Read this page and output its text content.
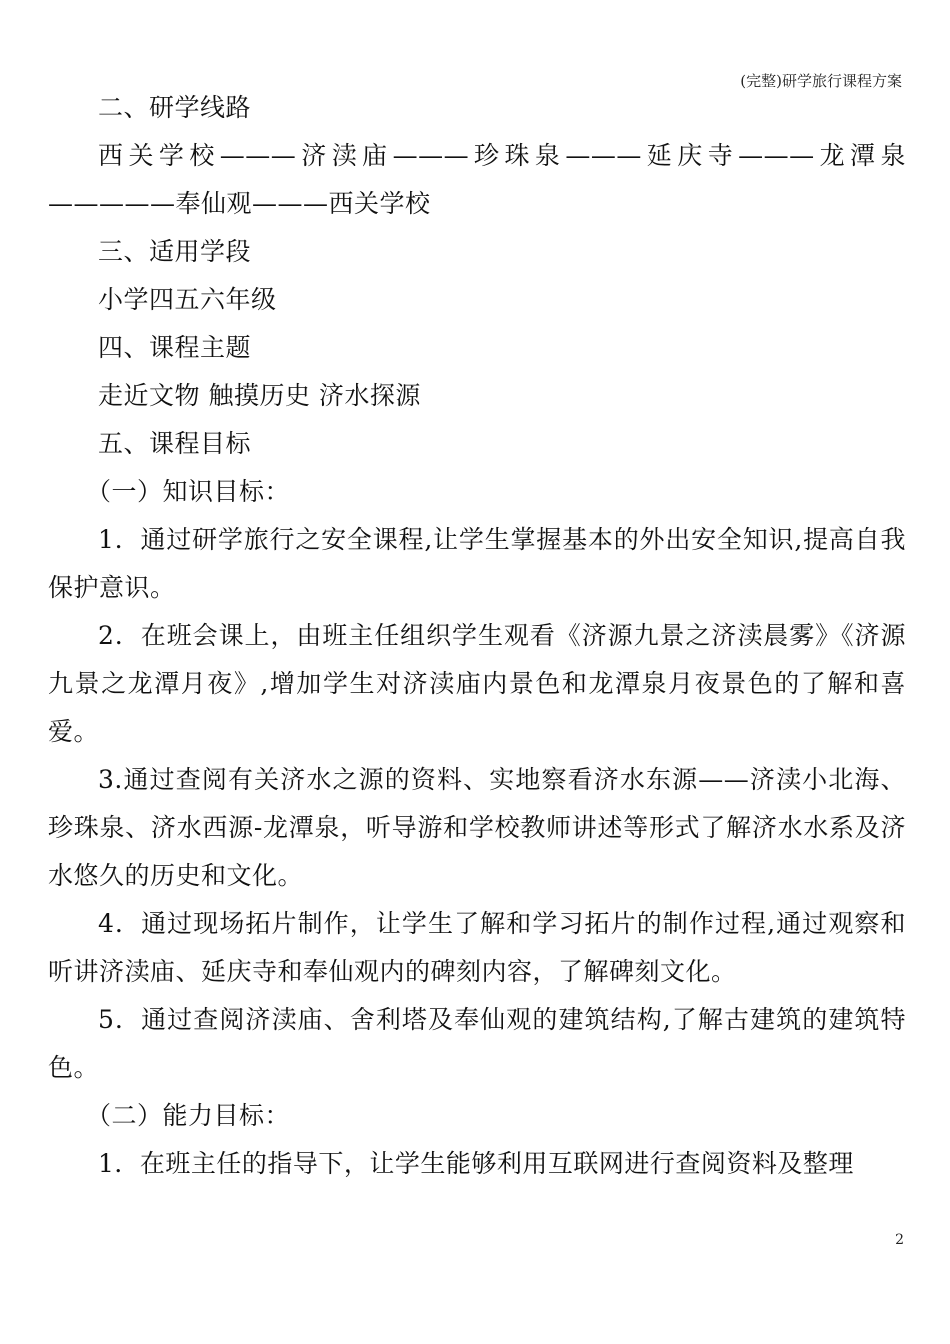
(完整)研学旅行课程方案

二、研学线路

西关学校———济渎庙———珍珠泉———延庆寺———龙潭泉—————奉仙观———西关学校

三、适用学段

小学四五六年级

四、课程主题

走近文物 触摸历史 济水探源

五、课程目标

（一）知识目标：

1．通过研学旅行之安全课程,让学生掌握基本的外出安全知识,提高自我保护意识。

2．在班会课上，由班主任组织学生观看《济源九景之济渎晨雾》《济源九景之龙潭月夜》,增加学生对济渎庙内景色和龙潭泉月夜景色的了解和喜爱。

3.通过查阅有关济水之源的资料、实地察看济水东源——济渎小北海、珍珠泉、济水西源-龙潭泉，听导游和学校教师讲述等形式了解济水水系及济水悠久的历史和文化。

4．通过现场拓片制作，让学生了解和学习拓片的制作过程,通过观察和听讲济渎庙、延庆寺和奉仙观内的碑刻内容，了解碑刻文化。

5．通过查阅济渎庙、舍利塔及奉仙观的建筑结构,了解古建筑的建筑特色。

（二）能力目标：

1．在班主任的指导下，让学生能够利用互联网进行查阅资料及整理

2
